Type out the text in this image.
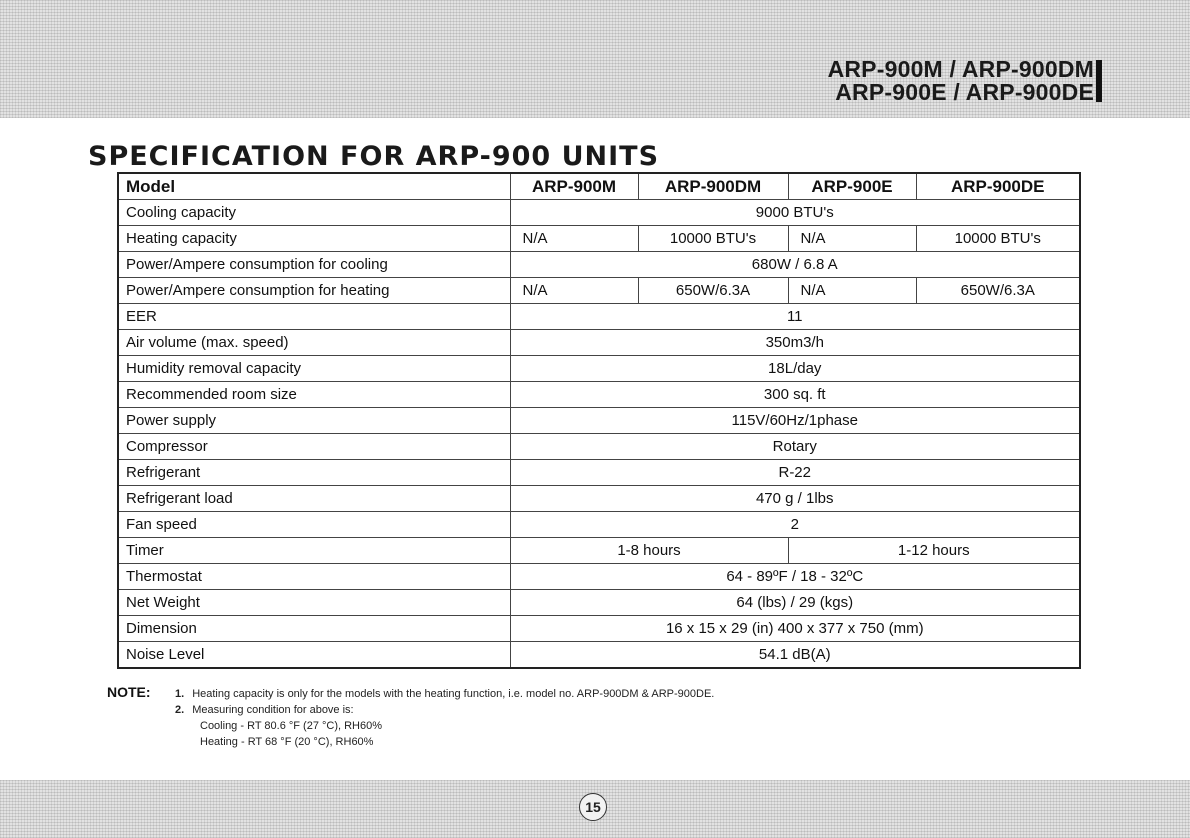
ARP-900M / ARP-900DM
ARP-900E / ARP-900DE
SPECIFICATION FOR ARP-900 UNITS
Model	ARP-900M	ARP-900DM	ARP-900E	ARP-900DE
Cooling capacity	9000 BTU's			
Heating capacity	N/A	10000 BTU's	N/A	10000 BTU's
Power/Ampere consumption for cooling	680W / 6.8 A			
Power/Ampere consumption for heating	N/A	650W/6.3A	N/A	650W/6.3A
EER	11			
Air volume (max. speed)	350m3/h			
Humidity removal capacity	18L/day			
Recommended room size	300 sq. ft			
Power supply	115V/60Hz/1phase			
Compressor	Rotary			
Refrigerant	R-22			
Refrigerant load	470 g / 1lbs			
Fan speed	2			
Timer	1-8 hours		1-12 hours	
Thermostat	64 - 89ºF / 18 - 32ºC			
Net Weight	64 (lbs) / 29 (kgs)			
Dimension	16 x 15 x 29 (in) 400 x 377 x 750 (mm)			
Noise Level	54.1 dB(A)			
NOTE: 1. Heating capacity is only for the models with the heating function, i.e. model no. ARP-900DM & ARP-900DE.
2. Measuring condition for above is:
Cooling - RT 80.6 °F (27 °C), RH60%
Heating - RT 68 °F (20 °C), RH60%
15
